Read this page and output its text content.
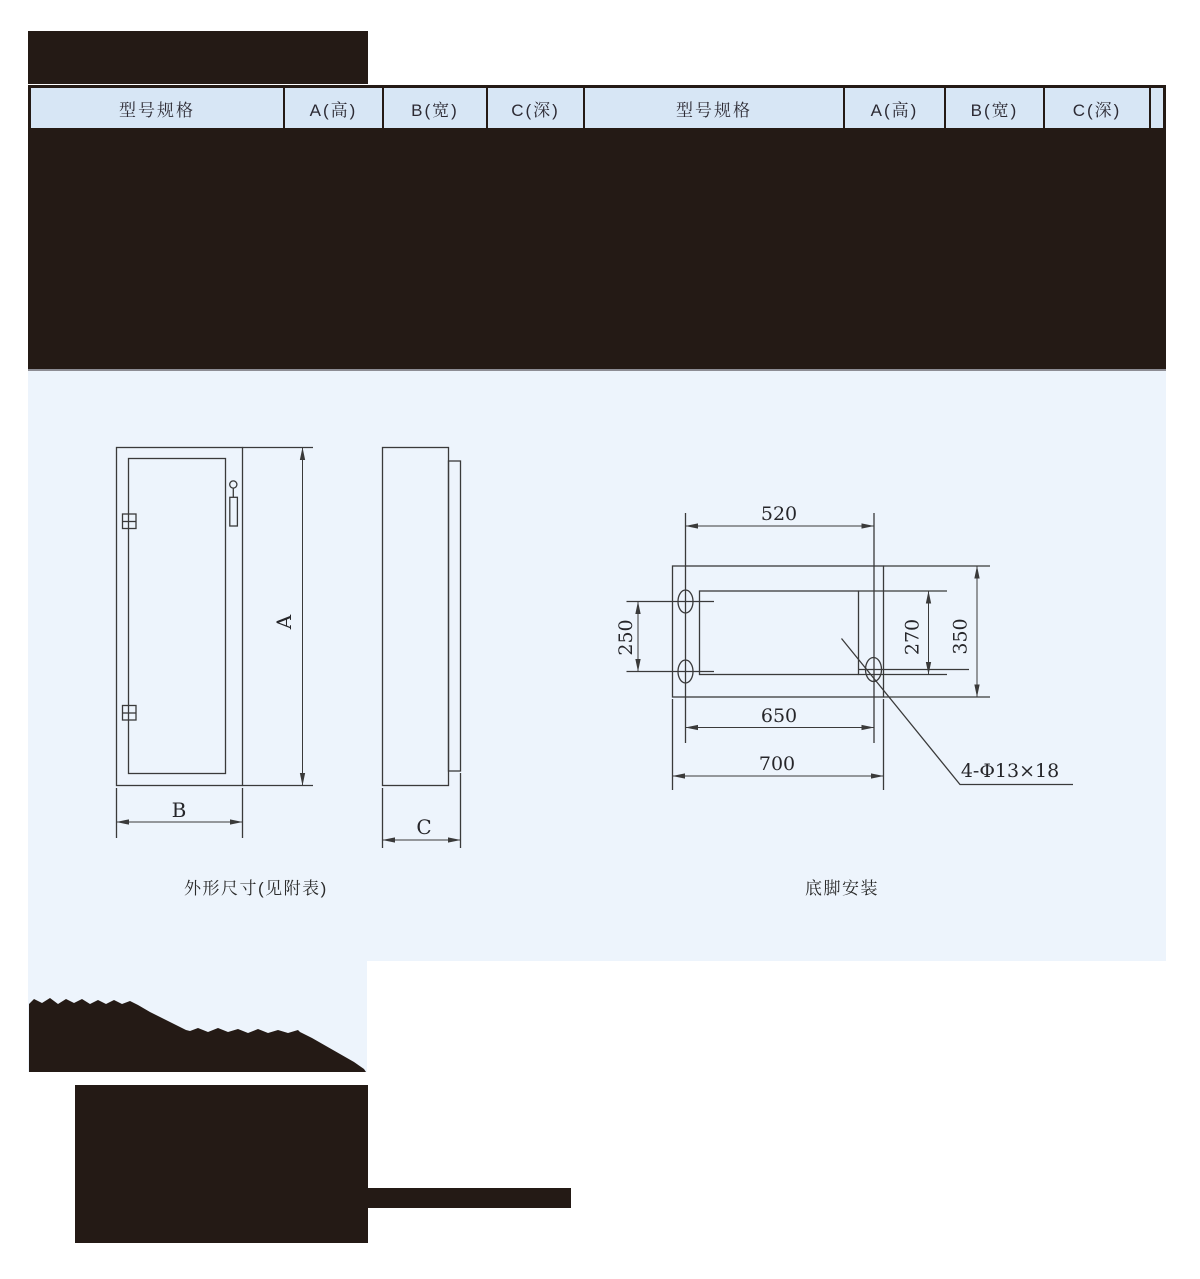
型号规格	A(高)	B(宽)	C(深)	型号规格	A(高)	B(宽)	C(深)
A
B
C
520
250	270 350
650
700	4-Φ13×18
外形尺寸(见附表)	底脚安装
